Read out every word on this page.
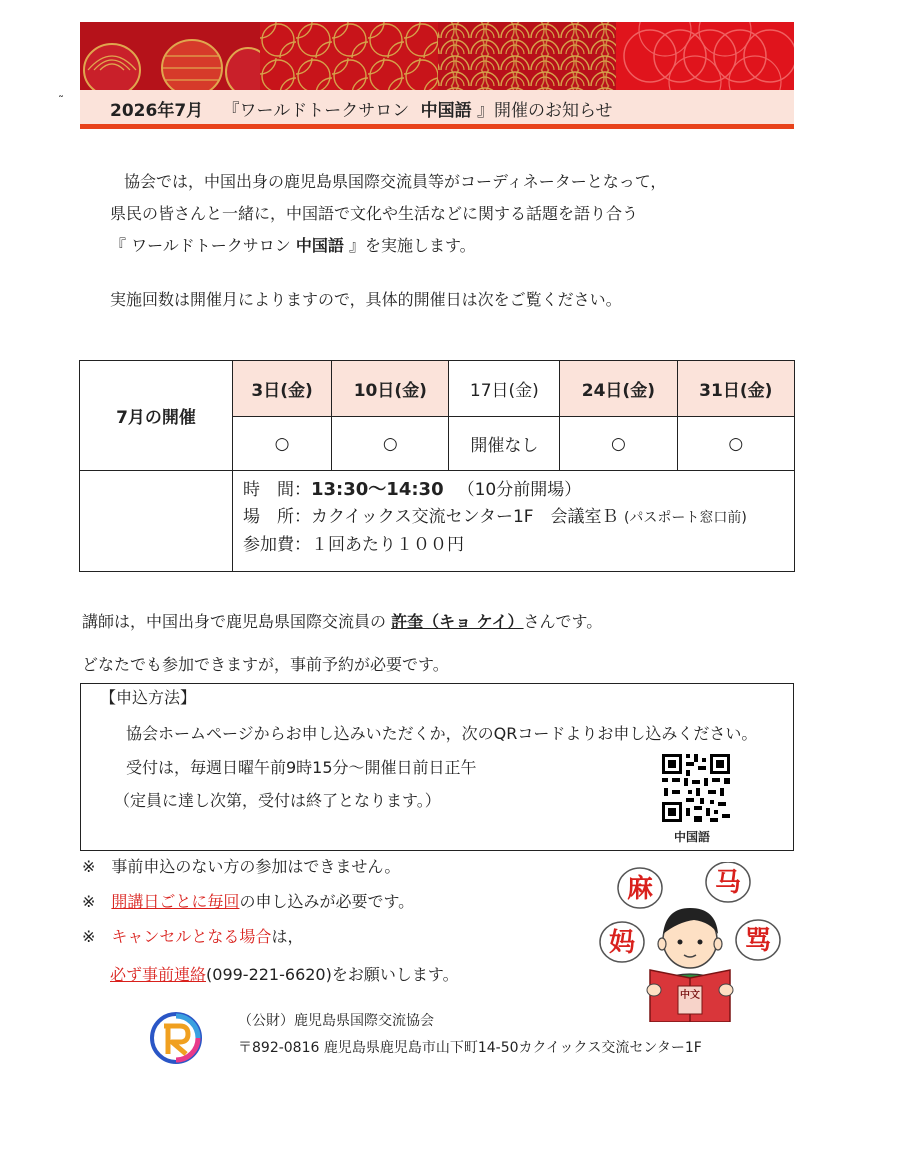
˜	2026年7月 『ワールドトークサロン 中国語 』開催のお知らせ
協会では，中国出身の鹿児島県国際交流員等がコーディネーターとなって，
県民の皆さんと一緒に，中国語で文化や生活などに関する話題を語り合う
『 ワールドトークサロン 中国語 』を実施します。
実施回数は開催月によりますので，具体的開催日は次をご覧ください。
7月の開催	3日(金)	10日(金)	17日(金)	24日(金)	31日(金)
	○	○	開催なし	○	○

	時　間：13:30〜14:30 （10分前開場）
場　所：カクイックス交流センター1F　会議室Ｂ (パスポート窓口前)
参加費：１回あたり１００円				
講師は，中国出身で鹿児島県国際交流員の 許奎（キョ ケイ）さんです。
どなたでも参加できますが，事前予約が必要です。
【申込方法】
協会ホームページからお申し込みいただくか，次のQRコードよりお申し込みください。
受付は，毎週日曜午前9時15分〜開催日前日正午
（定員に達し次第，受付は終了となります。）
中国語
※　事前申込のない方の参加はできません。
※　開講日ごとに毎回の申し込みが必要です。
※　キャンセルとなる場合は，
必ず事前連絡(099-221-6620)をお願いします。
麻 马
妈	骂
中文
（公財）鹿児島県国際交流協会
〒892-0816 鹿児島県鹿児島市山下町14-50カクイックス交流センター1F
